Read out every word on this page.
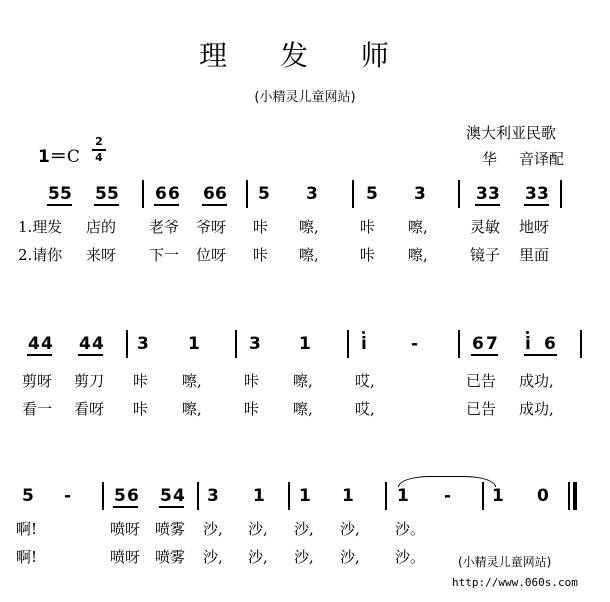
理 发 师
(小精灵儿童网站)
1＝C
2
4
澳大利亚民歌
华 音译配
5 5 5 5 6 6 6 6 5 3	5 3	3 3 3 3
1.理发 店的 老爷 爷呀 咔 嚓,	咔 嚓,	灵敏 地呀
2.请你 来呀 下一 位呀 咔 嚓,	咔 嚓,	镜子 里面
4 4 4 4 3 1	3 1	i	-	6 7 i 6
剪呀 剪刀 咔 嚓,	咔 嚓,	哎,	已告 成功,
看一 看呀 咔 嚓,	咔 嚓,	哎,	已告 成功,
5 -	5 6 5 4 3 1 1 1	1 - 1 0
啊!	喷呀 喷雾 沙, 沙, 沙, 沙, 沙。
啊!	喷呀 喷雾 沙, 沙, 沙, 沙, 沙。	(小精灵儿童网站)
http://www.060s.com
